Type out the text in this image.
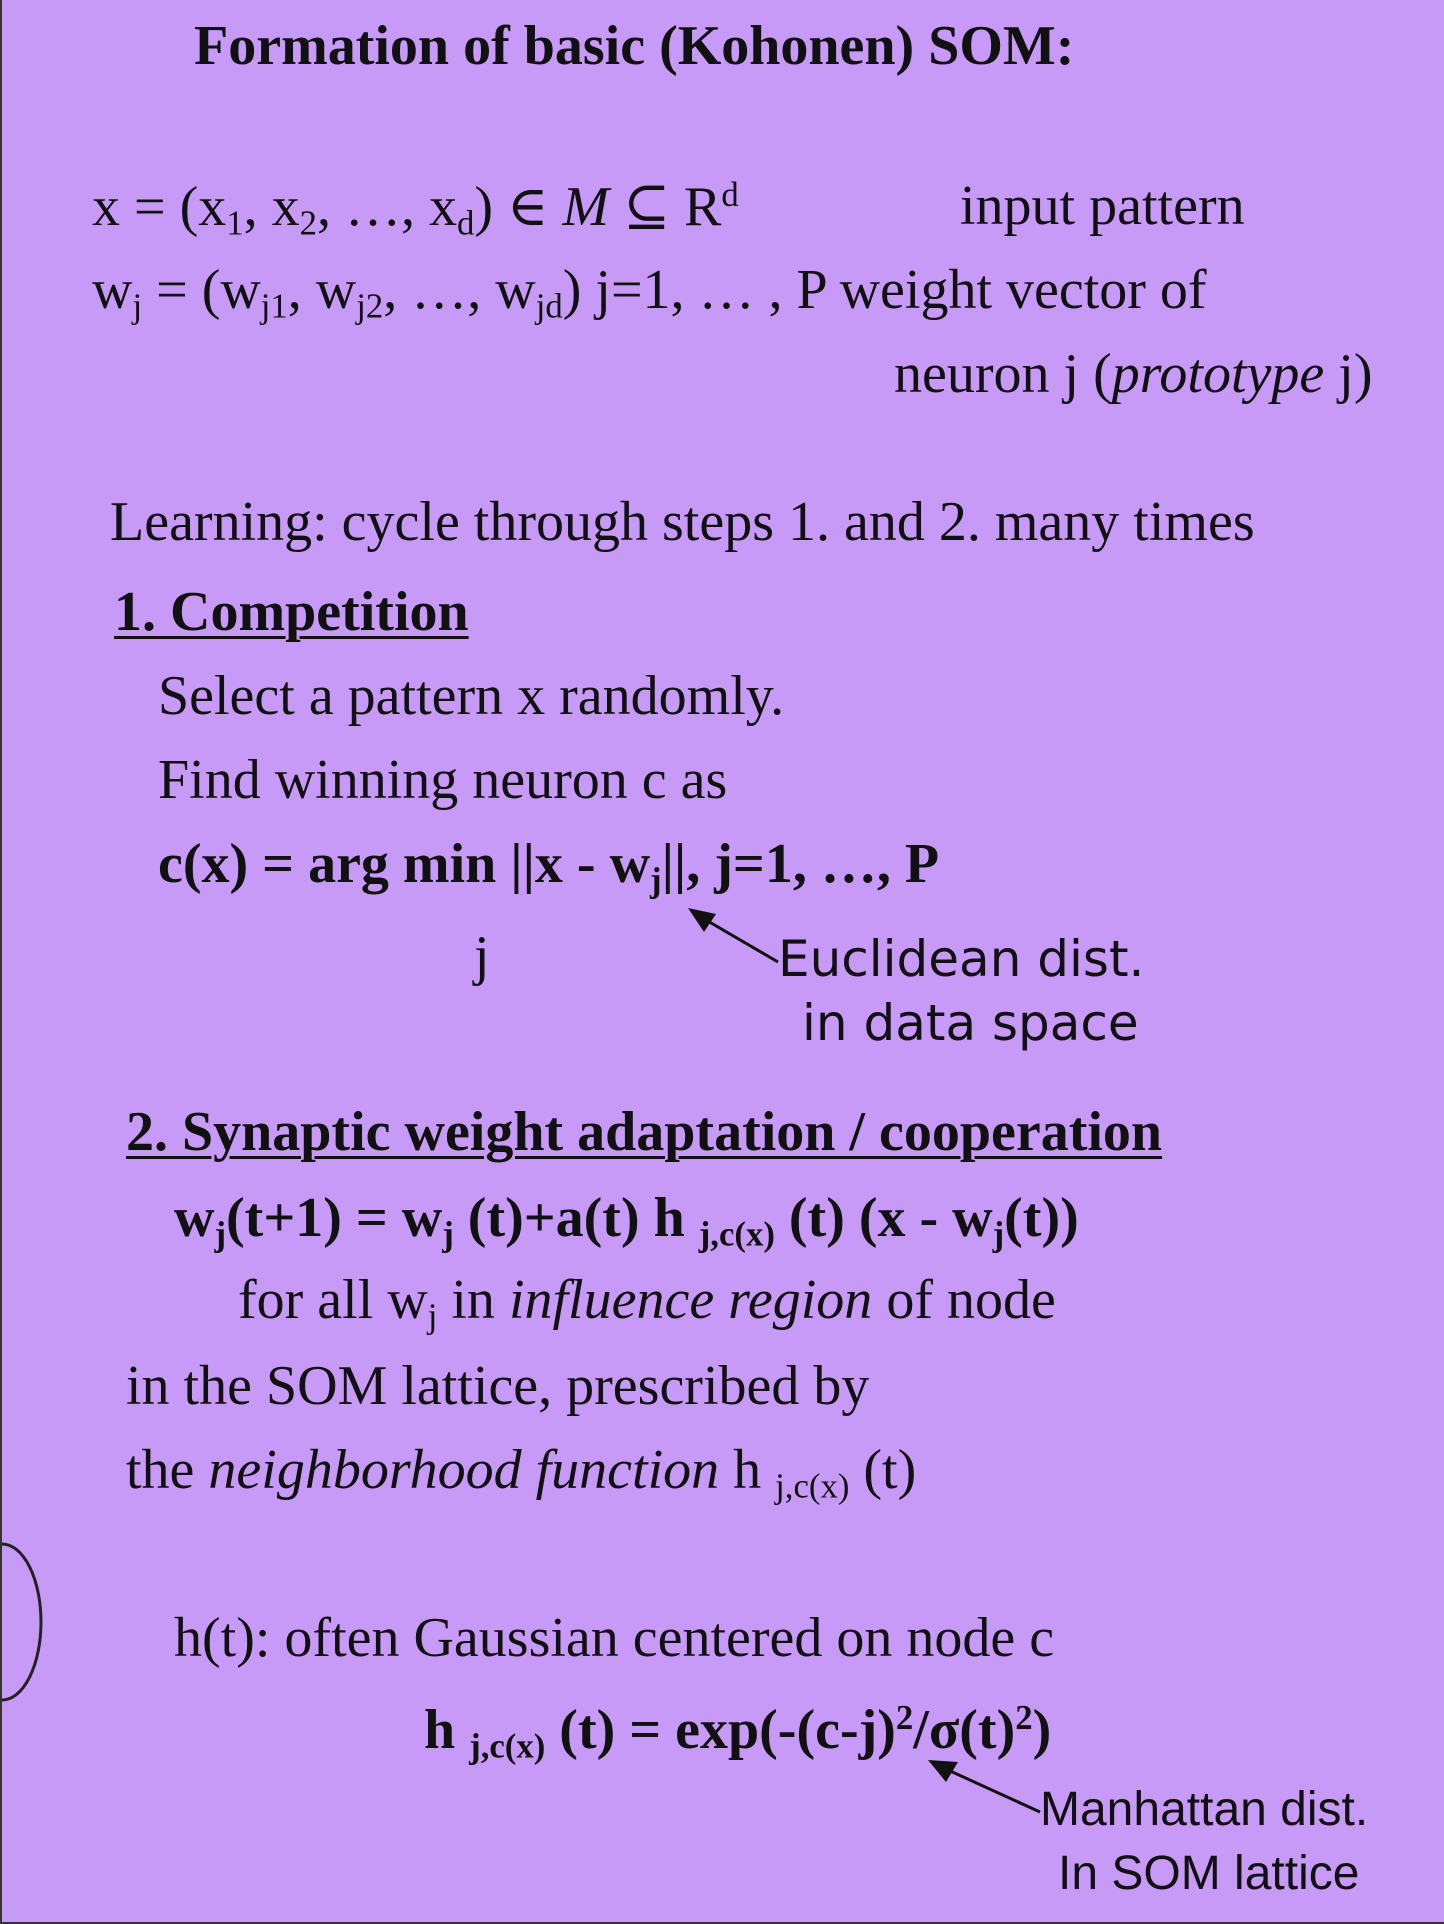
Formation of basic (Kohonen) SOM:
$x = (x_1$, $x_2$, …, $x_d$) ∈ M ⊆ $R^d$	input pattern
$w_j = (w_{j1}$, $w_{j2}$, …, $w_{jd}$) j=1, … , P weight vector of
neuron j (prototype j)
Learning: cycle through steps 1. and 2. many times
1. Competition
Select a pattern x randomly.
Find winning neuron c as
c(x) = arg $\min ||x - w_j||$, j=1, …, P
j	Euclidean dist.
in data space
2. Synaptic weight adaptation / cooperation
$w_j(t+1) = w_j$ (t)+a(t) h $_{j,c(x)}$ (t) $(x - w_j(t))$
for all $w_j$ in influence region of node
in the SOM lattice, prescribed by
the neighborhood function h $_{j,c(x)}$ (t)
h(t): often Gaussian centered on node c
h $_{j,c(x)}$ $(t) = \exp(-(c-j)^2/\sigma(t)^2)$
Manhattan dist.
In SOM lattice
